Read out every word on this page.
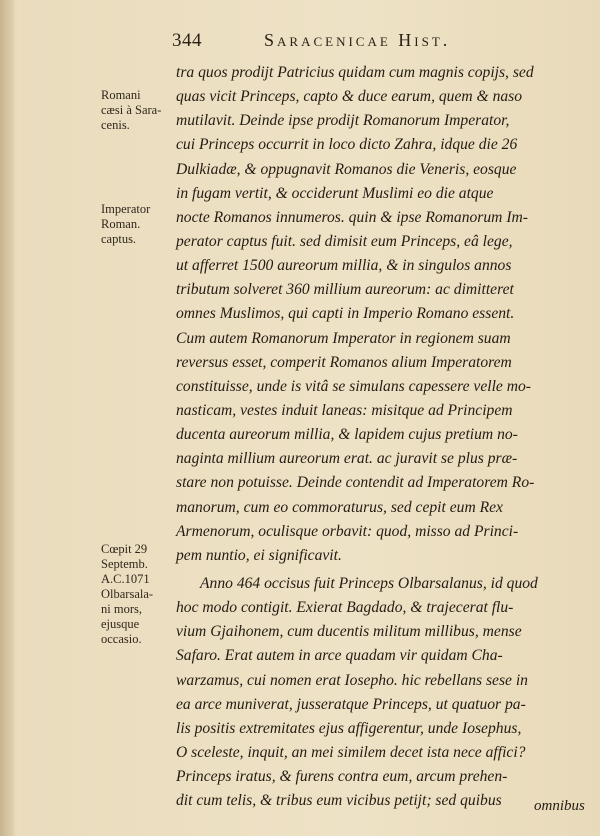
344	Saracenicae Hist.
Romani
cæsi à Sara-
cenis.
Imperator
Roman.
captus.
Cœpit 29
Septemb.
A.C.1071
Olbarsala-
ni mors,
ejusque
occasio.
tra quos prodijt Patricius quidam cum magnis copijs, sed
quas vicit Princeps, capto & duce earum, quem & naso
mutilavit. Deinde ipse prodijt Romanorum Imperator,
cui Princeps occurrit in loco dicto Zahra, idque die 26
Dulkiadæ, & oppugnavit Romanos die Veneris, eosque
in fugam vertit, & occiderunt Muslimi eo die atque
nocte Romanos innumeros. quin & ipse Romanorum Im-
perator captus fuit. sed dimisit eum Princeps, eâ lege,
ut afferret 1500 aureorum millia, & in singulos annos
tributum solveret 360 millium aureorum: ac dimitteret
omnes Muslimos, qui capti in Imperio Romano essent.
Cum autem Romanorum Imperator in regionem suam
reversus esset, comperit Romanos alium Imperatorem
constituisse, unde is vitâ se simulans capessere velle mo-
nasticam, vestes induit laneas: misitque ad Principem
ducenta aureorum millia, & lapidem cujus pretium no-
naginta millium aureorum erat. ac juravit se plus præ-
stare non potuisse. Deinde contendit ad Imperatorem Ro-
manorum, cum eo commoraturus, sed cepit eum Rex
Armenorum, oculisque orbavit: quod, misso ad Princi-
pem nuntio, ei significavit.
Anno 464 occisus fuit Princeps Olbarsalanus, id quod
hoc modo contigit. Exierat Bagdado, & trajecerat flu-
vium Gjaihonem, cum ducentis militum millibus, mense
Safaro. Erat autem in arce quadam vir quidam Cha-
warzamus, cui nomen erat Iosepho. hic rebellans sese in
ea arce muniverat, jusseratque Princeps, ut quatuor pa-
lis positis extremitates ejus affigerentur, unde Iosephus,
O sceleste, inquit, an mei similem decet ista nece affici?
Princeps iratus, & furens contra eum, arcum prehen-
dit cum telis, & tribus eum vicibus petijt; sed quibus	omnibus
